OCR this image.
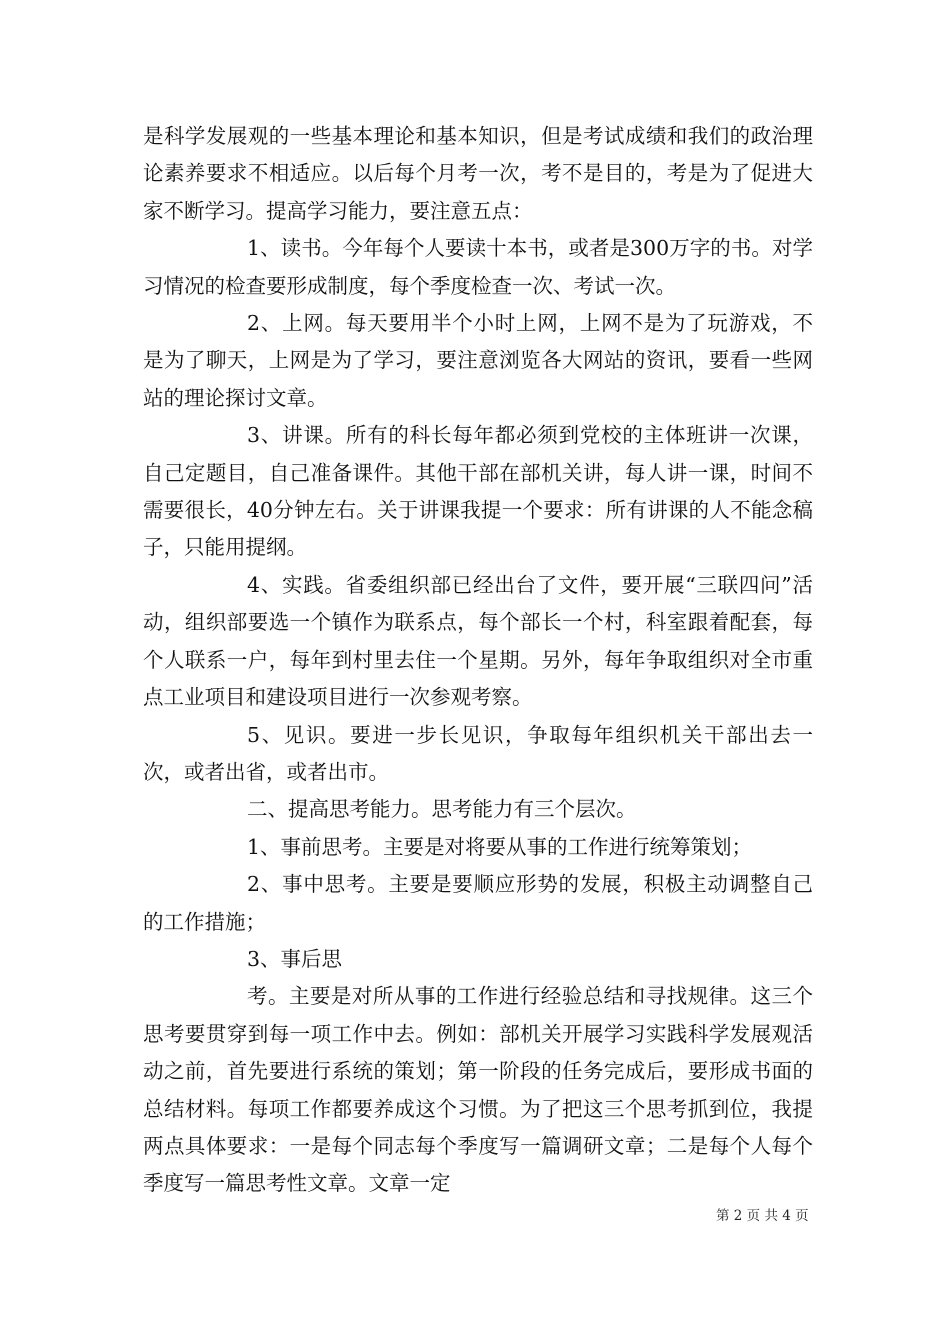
是科学发展观的一些基本理论和基本知识，但是考试成绩和我们的政治理论素养要求不相适应。以后每个月考一次，考不是目的，考是为了促进大家不断学习。提高学习能力，要注意五点：

1、读书。今年每个人要读十本书，或者是300万字的书。对学习情况的检查要形成制度，每个季度检查一次、考试一次。

2、上网。每天要用半个小时上网，上网不是为了玩游戏，不是为了聊天，上网是为了学习，要注意浏览各大网站的资讯，要看一些网站的理论探讨文章。

3、讲课。所有的科长每年都必须到党校的主体班讲一次课，自己定题目，自己准备课件。其他干部在部机关讲，每人讲一课，时间不需要很长，40分钟左右。关于讲课我提一个要求：所有讲课的人不能念稿子，只能用提纲。

4、实践。省委组织部已经出台了文件，要开展“三联四问”活动，组织部要选一个镇作为联系点，每个部长一个村，科室跟着配套，每个人联系一户，每年到村里去住一个星期。另外，每年争取组织对全市重点工业项目和建设项目进行一次参观考察。

5、见识。要进一步长见识，争取每年组织机关干部出去一次，或者出省，或者出市。

二、提高思考能力。思考能力有三个层次。

1、事前思考。主要是对将要从事的工作进行统筹策划；

2、事中思考。主要是要顺应形势的发展，积极主动调整自己的工作措施；

3、事后思

考。主要是对所从事的工作进行经验总结和寻找规律。这三个思考要贯穿到每一项工作中去。例如：部机关开展学习实践科学发展观活动之前，首先要进行系统的策划；第一阶段的任务完成后，要形成书面的总结材料。每项工作都要养成这个习惯。为了把这三个思考抓到位，我提两点具体要求：一是每个同志每个季度写一篇调研文章；二是每个人每个季度写一篇思考性文章。文章一定

第 2 页 共 4 页
